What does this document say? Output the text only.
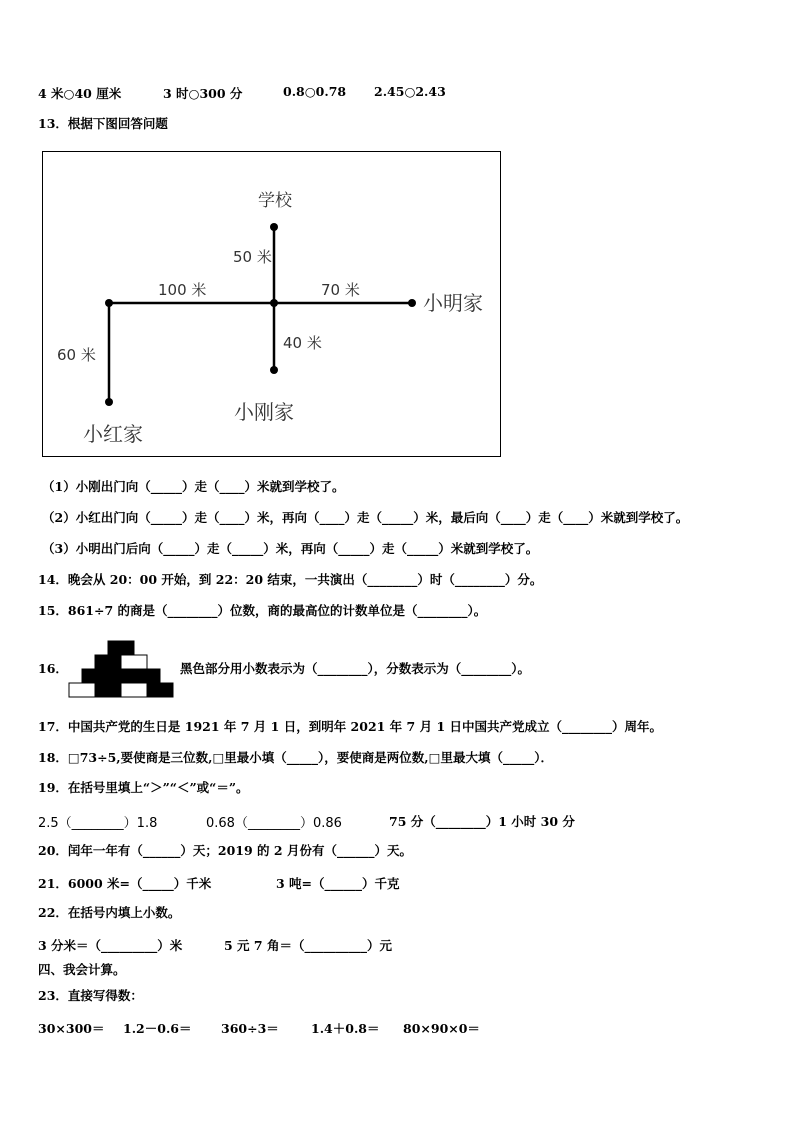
4 米○40 厘米	3 时○300 分	0.8○0.78 2.45○2.43
13．根据下图回答问题
学校
50 米
100 米	70 米
小明家
40 米
60 米
小刚家
小红家
（1）小刚出门向（_____）走（____）米就到学校了。
（2）小红出门向（_____）走（____）米，再向（____）走（_____）米，最后向（____）走（____）米就到学校了。
（3）小明出门后向（_____）走（_____）米，再向（_____）走（_____）米就到学校了。
14．晚会从 20：00 开始，到 22：20 结束，一共演出（________）时（________）分。
15．861÷7 的商是（________）位数，商的最高位的计数单位是（________）。
16．	黑色部分用小数表示为（________），分数表示为（________）。
17．中国共产党的生日是 1921 年 7 月 1 日，到明年 2021 年 7 月 1 日中国共产党成立（________）周年。
18．□73÷5,要使商是三位数,□里最小填（_____），要使商是两位数,□里最大填（_____）．
19．在括号里填上“＞”“＜”或“＝”。
2.5（________）1.8	0.68（________）0.86	75 分（________）1 小时 30 分
20．闰年一年有（______）天；2019 的 2 月份有（______）天。
21．6000 米=（_____）千米	3 吨=（______）千克
22．在括号内填上小数。
3 分米＝（_________）米	5 元 7 角＝（__________）元
四、我会计算。
23．直接写得数：
30×300＝ 1.2－0.6＝ 360÷3＝	1.4＋0.8＝ 80×90×0＝
